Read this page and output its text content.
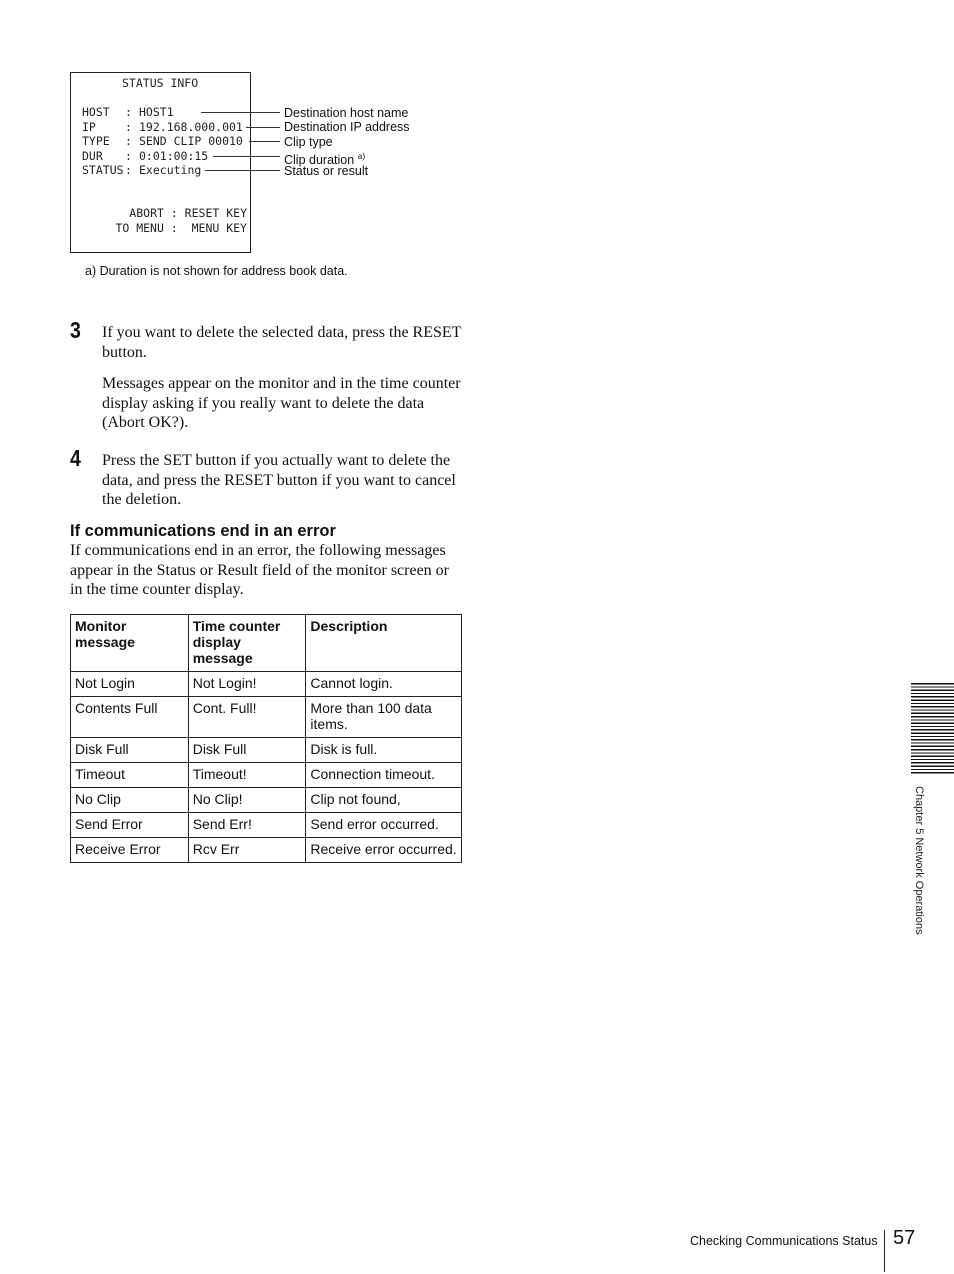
STATUS INFO
HOST : HOST1
IP	: 192.168.000.001
TYPE : SEND CLIP 00010
DUR : 0:01:00:15
STATUS : Executing
ABORT : RESET KEY
TO MENU :  MENU KEY
Destination host name
Destination IP address
Clip type
Clip duration $^{a)}$
Status or result
a) Duration is not shown for address book data.
3 If you want to delete the selected data, press the RESET button.

Messages appear on the monitor and in the time counter display asking if you really want to delete the data (Abort OK?).

4 Press the SET button if you actually want to delete the data, and press the RESET button if you want to cancel the deletion.

If communications end in an error

If communications end in an error, the following messages appear in the Status or Result field of the monitor screen or in the time counter display.

Monitor message	Time counter display message	Description
Not Login	Not Login!	Cannot login.
Contents Full	Cont. Full!	More than 100 data items.
Disk Full	Disk Full	Disk is full.
Timeout	Timeout!	Connection timeout.
No Clip	No Clip!	Clip not found,
Send Error	Send Err!	Send error occurred.
Receive Error	Rcv Err	Receive error occurred.	Chapter 5 Network Operations
Checking Communications Status 57
